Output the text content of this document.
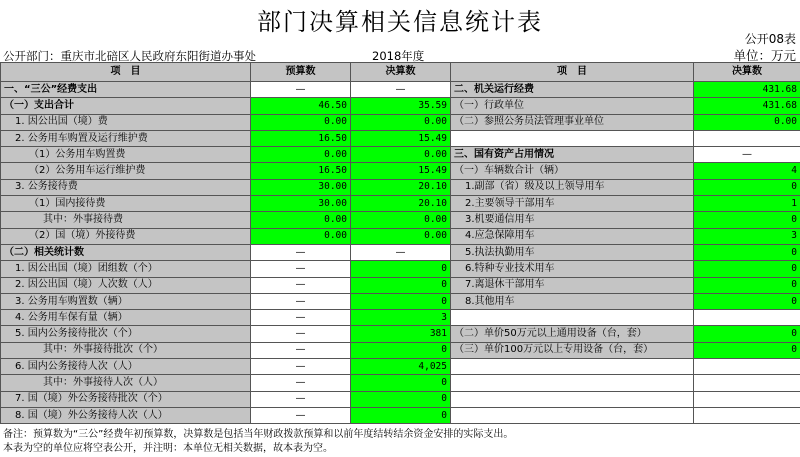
部门决算相关信息统计表
公开08表
公开部门：重庆市北碚区人民政府东阳街道办事处	2018年度	单位：万元
项　目	预算数	决算数	项　目	决算数
一、“三公”经费支出	—	—	二、机关运行经费	431.68
（一）支出合计	46.50	35.59	（一）行政单位	431.68
1. 因公出国（境）费	0.00	0.00	（二）参照公务员法管理事业单位	0.00
2. 公务用车购置及运行维护费	16.50	15.49		
（1）公务用车购置费	0.00	0.00	三、国有资产占用情况	—
（2）公务用车运行维护费	16.50	15.49	（一）车辆数合计（辆）	4
3. 公务接待费	30.00	20.10	1.副部（省）级及以上领导用车	0
（1）国内接待费	30.00	20.10	2.主要领导干部用车	1
其中：外事接待费	0.00	0.00	3.机要通信用车	0
（2）国（境）外接待费	0.00	0.00	4.应急保障用车	3
（二）相关统计数	—	—	5.执法执勤用车	0
1. 因公出国（境）团组数（个）	—	0	6.特种专业技术用车	0
2. 因公出国（境）人次数（人）	—	0	7.离退休干部用车	0
3. 公务用车购置数（辆）	—	0	8.其他用车	0
4. 公务用车保有量（辆）	—	3		
5. 国内公务接待批次（个）	—	381	（二）单价50万元以上通用设备（台，套）	0
其中：外事接待批次（个）	—	0	（三）单价100万元以上专用设备（台，套）	0
6. 国内公务接待人次（人）	—	4,025		
其中：外事接待人次（人）	—	0		
7. 国（境）外公务接待批次（个）	—	0		
8. 国（境）外公务接待人次（人）	—	0		
备注：预算数为“三公”经费年初预算数，决算数是包括当年财政拨款预算和以前年度结转结余资金安排的实际支出。
本表为空的单位应将空表公开，并注明：本单位无相关数据，故本表为空。
